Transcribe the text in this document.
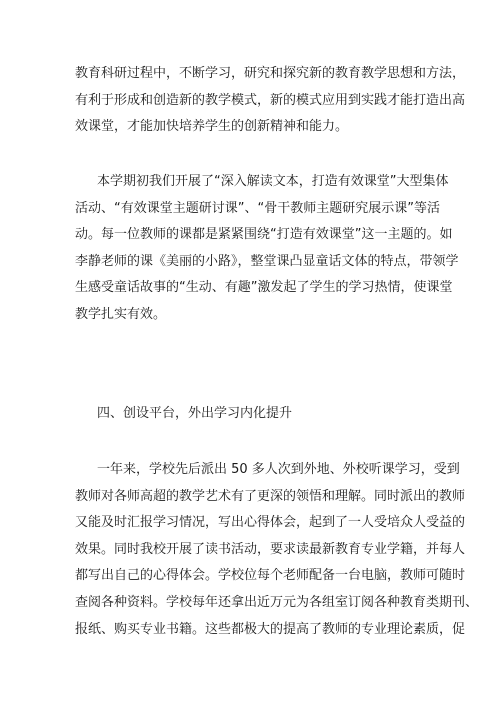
教育科研过程中，不断学习，研究和探究新的教育教学思想和方法，
有利于形成和创造新的教学模式，新的模式应用到实践才能打造出高
效课堂，才能加快培养学生的创新精神和能力。
本学期初我们开展了“深入解读文本，打造有效课堂”大型集体
活动、“有效课堂主题研讨课”、“骨干教师主题研究展示课”等活
动。每一位教师的课都是紧紧围绕“打造有效课堂”这一主题的。如
李静老师的课《美丽的小路》，整堂课凸显童话文体的特点，带领学
生感受童话故事的“生动、有趣”激发起了学生的学习热情，使课堂
教学扎实有效。
四、创设平台，外出学习内化提升
一年来，学校先后派出 50 多人次到外地、外校听课学习，受到
教师对各师高超的教学艺术有了更深的领悟和理解。同时派出的教师
又能及时汇报学习情况，写出心得体会，起到了一人受培众人受益的
效果。同时我校开展了读书活动，要求读最新教育专业学籍，并每人
都写出自己的心得体会。学校位每个老师配备一台电脑，教师可随时
查阅各种资料。学校每年还拿出近万元为各组室订阅各种教育类期刊、
报纸、购买专业书籍。这些都极大的提高了教师的专业理论素质，促
